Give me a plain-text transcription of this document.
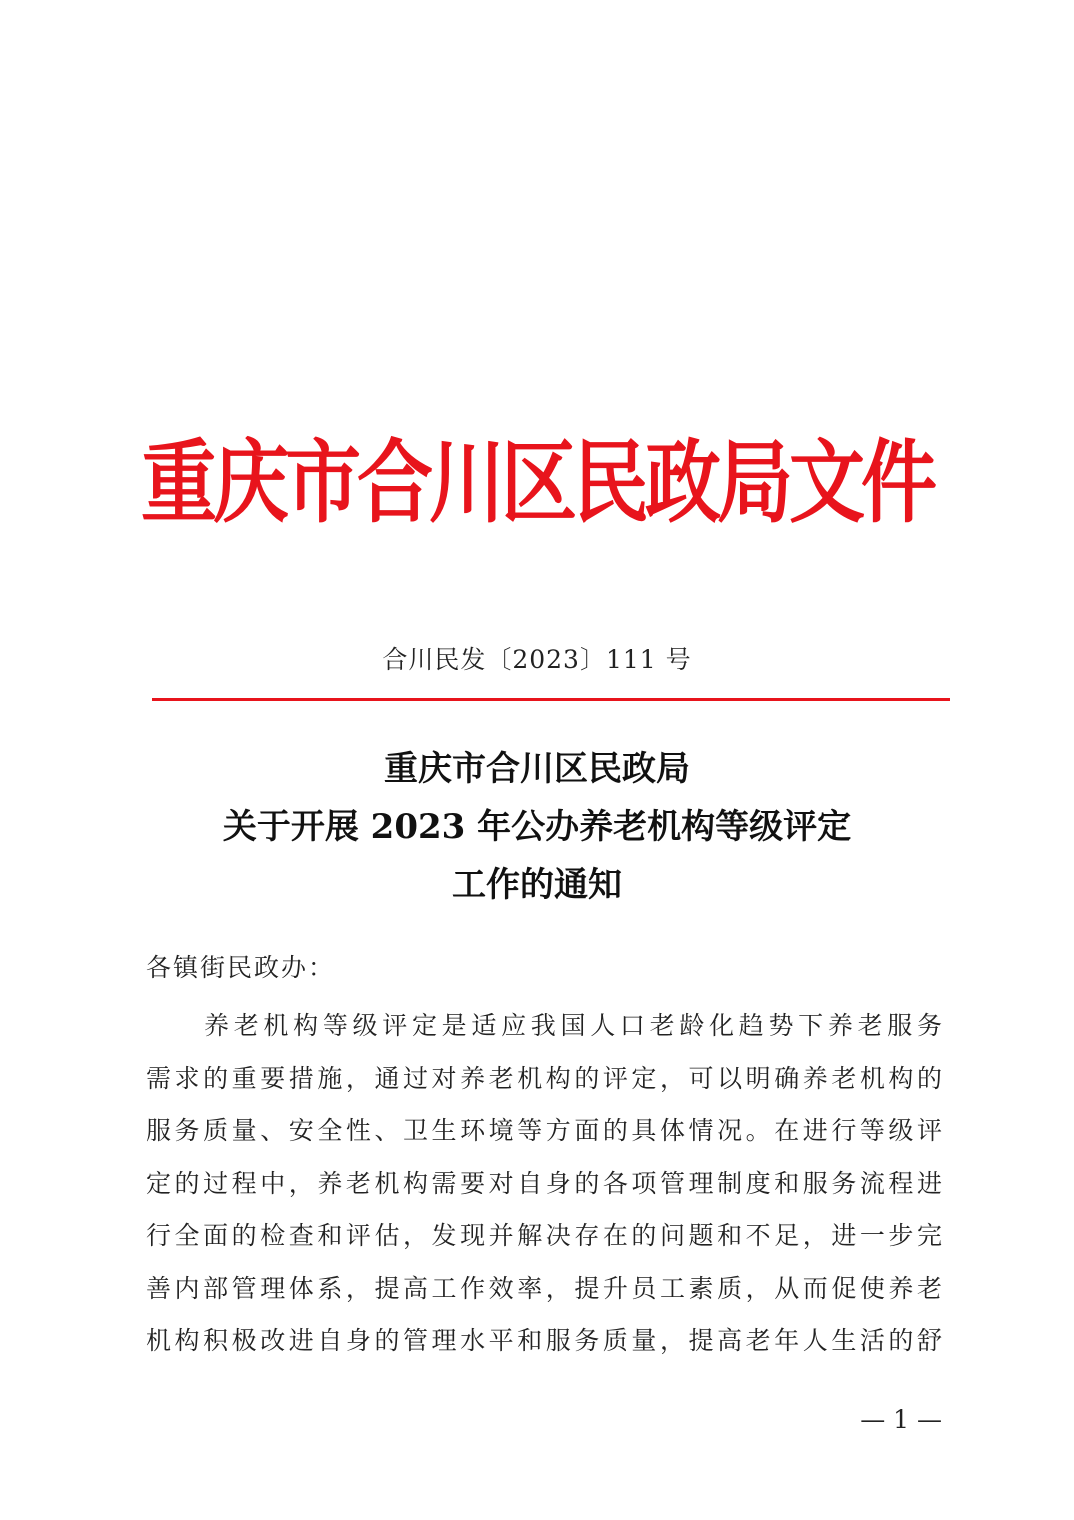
重庆市合川区民政局文件
合川民发〔2023〕111 号
重庆市合川区民政局
关于开展 2023 年公办养老机构等级评定
工作的通知
各镇街民政办：
养老机构等级评定是适应我国人口老龄化趋势下养老服务
需求的重要措施，通过对养老机构的评定，可以明确养老机构的
服务质量、安全性、卫生环境等方面的具体情况。在进行等级评
定的过程中，养老机构需要对自身的各项管理制度和服务流程进
行全面的检查和评估，发现并解决存在的问题和不足，进一步完
善内部管理体系，提高工作效率，提升员工素质，从而促使养老
机构积极改进自身的管理水平和服务质量，提高老年人生活的舒
— 1 —
